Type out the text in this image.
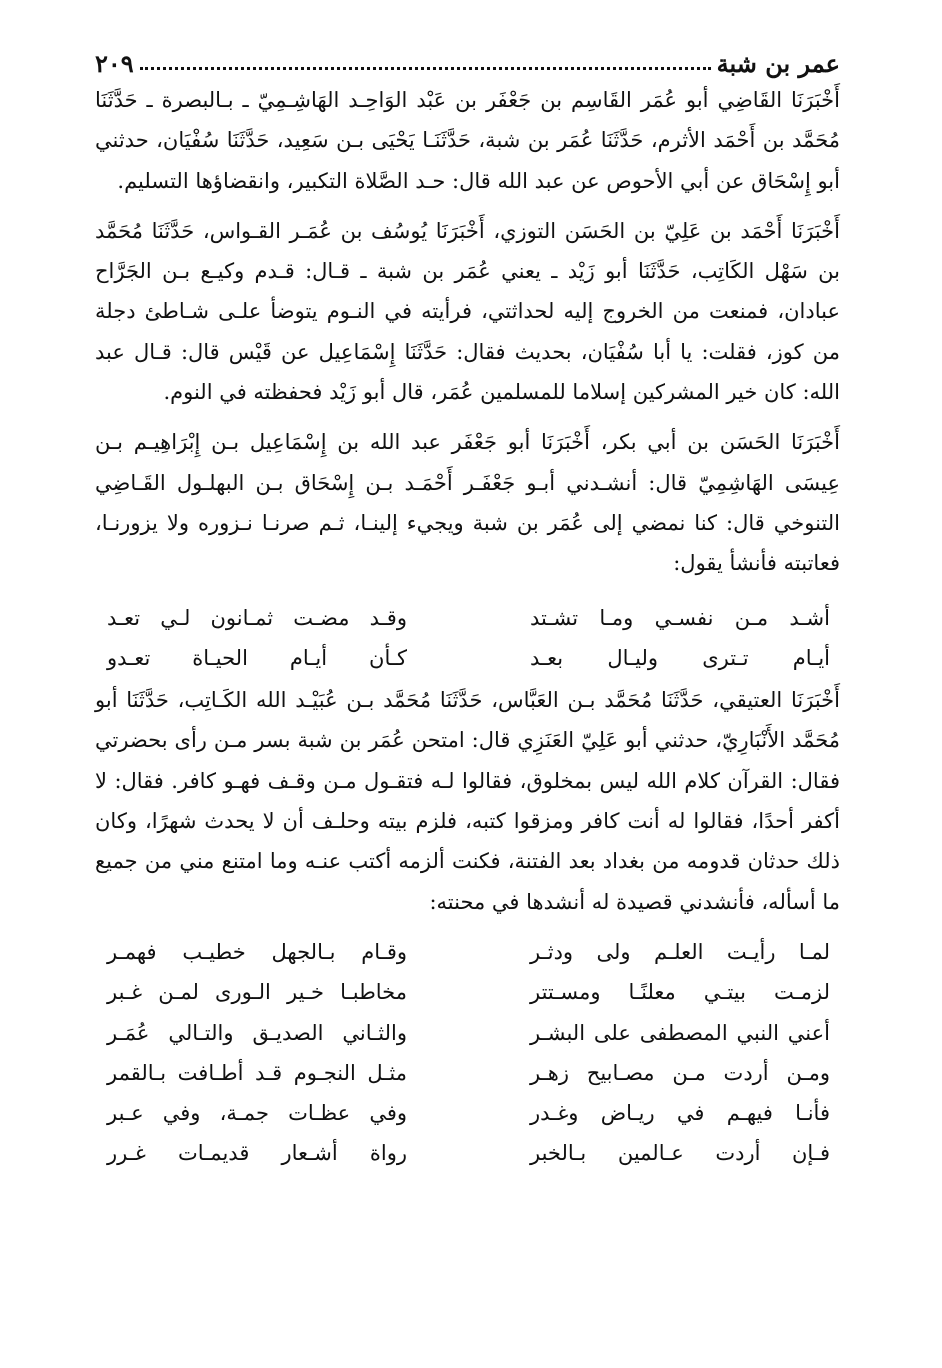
عمر بن شبة
٢٠٩

أَخْبَرَنَا القَاضِي أبو عُمَر القَاسِم بن جَعْفَر بن عَبْد الوَاحِـد الهَاشِـمِيّ ـ بـالبصرة ـ حَدَّثَنَا مُحَمَّد بن أَحْمَد الأثرم، حَدَّثَنَا عُمَر بن شبة، حَدَّثَنَـا يَحْيَى بـن سَعِيد، حَدَّثَنَا سُفْيَان، حدثني أبو إِسْحَاق عن أبي الأحوص عن عبد الله قال: حـد الصَّلاة التكبير، وانقضاؤها التسليم.

أَخْبَرَنَا أَحْمَد بن عَلِيّ بن الحَسَن التوزي، أَخْبَرَنَا يُوسُف بن عُمَـر القـواس، حَدَّثَنَا مُحَمَّد بن سَهْل الكَاتِب، حَدَّثَنَا أبو زَيْد ـ يعني عُمَر بن شبة ـ قـال: قـدم وكيـع بـن الجَرَّاح عبادان، فمنعت من الخروج إليه لحداثتي، فرأيته في النـوم يتوضأ علـى شـاطئ دجلة من كوز، فقلت: يا أبا سُفْيَان، بحديث فقال: حَدَّثَنَا إِسْمَاعِيل عن قَيْس قال: قـال عبد الله: كان خير المشركين إسلاما للمسلمين عُمَر، قال أبو زَيْد فحفظته في النوم.

أَخْبَرَنَا الحَسَن بن أبي بكر، أَخْبَرَنَا أبو جَعْفَر عبد الله بن إِسْمَاعِيل بـن إِبْرَاهِيـم بـن عِيسَى الهَاشِمِيّ قال: أنشـدني أبـو جَعْفَـر أَحْمَـد بـن إِسْحَاق بـن البهلـول القَـاضِي التنوخي قال: كنا نمضي إلى عُمَر بن شبة ويجيء إلينـا، ثـم صرنـا نـزوره ولا يزورنـا، فعاتبته فأنشأ يقول:

أشـد مـن نفسـي ومـا تشـتد
وقـد مضـت ثمـانون لـي تعـد
أيـام تـترى وليـال بعـد
كـأن أيـام الحيـاة تعـدو

أَخْبَرَنَا العتيقي، حَدَّثَنَا مُحَمَّد بـن العَبَّاس، حَدَّثَنَا مُحَمَّد بـن عُبَيْـد الله الكَـاتِب، حَدَّثَنَا أبو مُحَمَّد الأَنْبَارِيّ، حدثني أبو عَلِيّ العَنَزِي قال: امتحن عُمَر بن شبة بسر مـن رأى بحضرتي فقال: القرآن كلام الله ليس بمخلوق، فقالوا لـه فتقـول مـن وقـف فهـو كافر. فقال: لا أكفر أحدًا، فقالوا له أنت كافر ومزقوا كتبه، فلزم بيته وحلـف أن لا يحدث شهرًا، وكان ذلك حدثان قدومه من بغداد بعد الفتنة، فكنت ألزمه أكتب عنـه وما امتنع مني من جميع ما أسأله، فأنشدني قصيدة له أنشدها في محنته:

لمـا رأيـت العلـم ولى ودثـر
وقـام بـالجهل خطيـب فهمـر
لزمـت بيتـي معلنًـا ومسـتتر
مخاطبـا خـير الـورى لمـن غـبر
أعني النبي المصطفى على البشـر
والثـاني الصديـق والتـالي عُمَـر
ومـن أردت مـن مصـابيح زهـر
مثـل النجـوم قـد أطـافت بـالقمر
فأنـا فيهـم في ريـاض وغـدر
وفي عظـات جمـة، وفي عـبر
فـإن أردت عـالمين بـالخبر
رواة أشـعار قديمـات غـرر
